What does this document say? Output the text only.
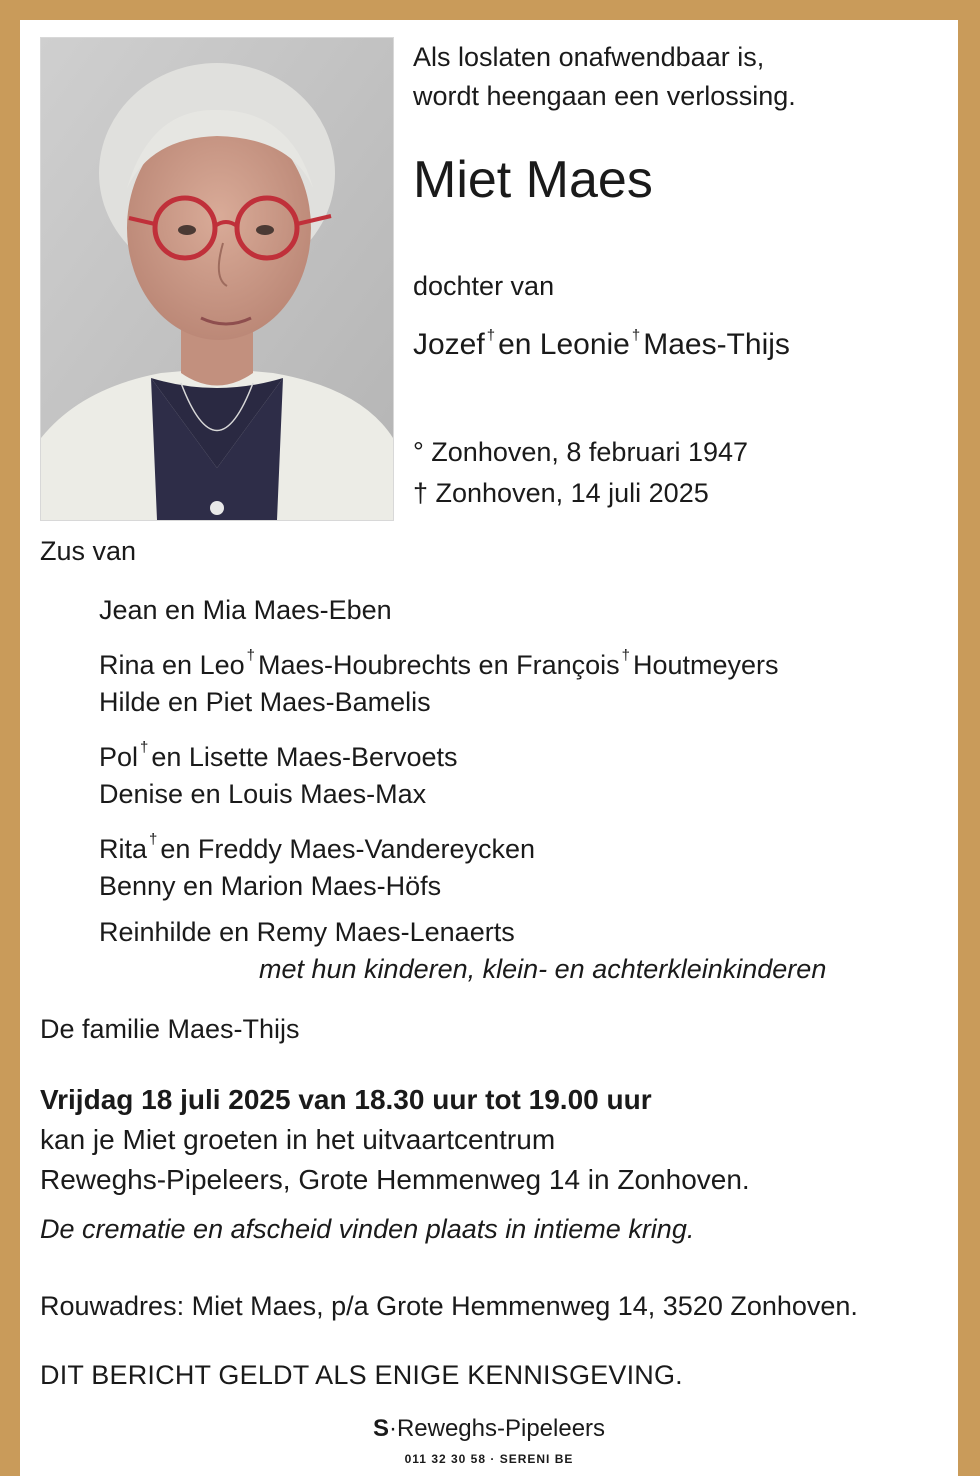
Als loslaten onafwendbaar is,
wordt heengaan een verlossing.
Miet Maes
dochter van
Jozef † en Leonie † Maes-Thijs
° Zonhoven, 8 februari 1947
† Zonhoven, 14 juli 2025
Zus van
Jean en Mia Maes-Eben
Rina en Leo † Maes-Houbrechts en François † Houtmeyers
Hilde en Piet Maes-Bamelis
Pol † en Lisette Maes-Bervoets
Denise en Louis Maes-Max
Rita † en Freddy Maes-Vandereycken
Benny en Marion Maes-Höfs
Reinhilde en Remy Maes-Lenaerts
met hun kinderen, klein- en achterkleinkinderen
De familie Maes-Thijs
Vrijdag 18 juli 2025 van 18.30 uur tot 19.00 uur
kan je Miet groeten in het uitvaartcentrum
Reweghs-Pipeleers, Grote Hemmenweg 14 in Zonhoven.
De crematie en afscheid vinden plaats in intieme kring.
Rouwadres: Miet Maes, p/a Grote Hemmenweg 14, 3520 Zonhoven.
DIT BERICHT GELDT ALS ENIGE KENNISGEVING.
S·Reweghs-Pipeleers
011 32 30 58 · SERENI BE
